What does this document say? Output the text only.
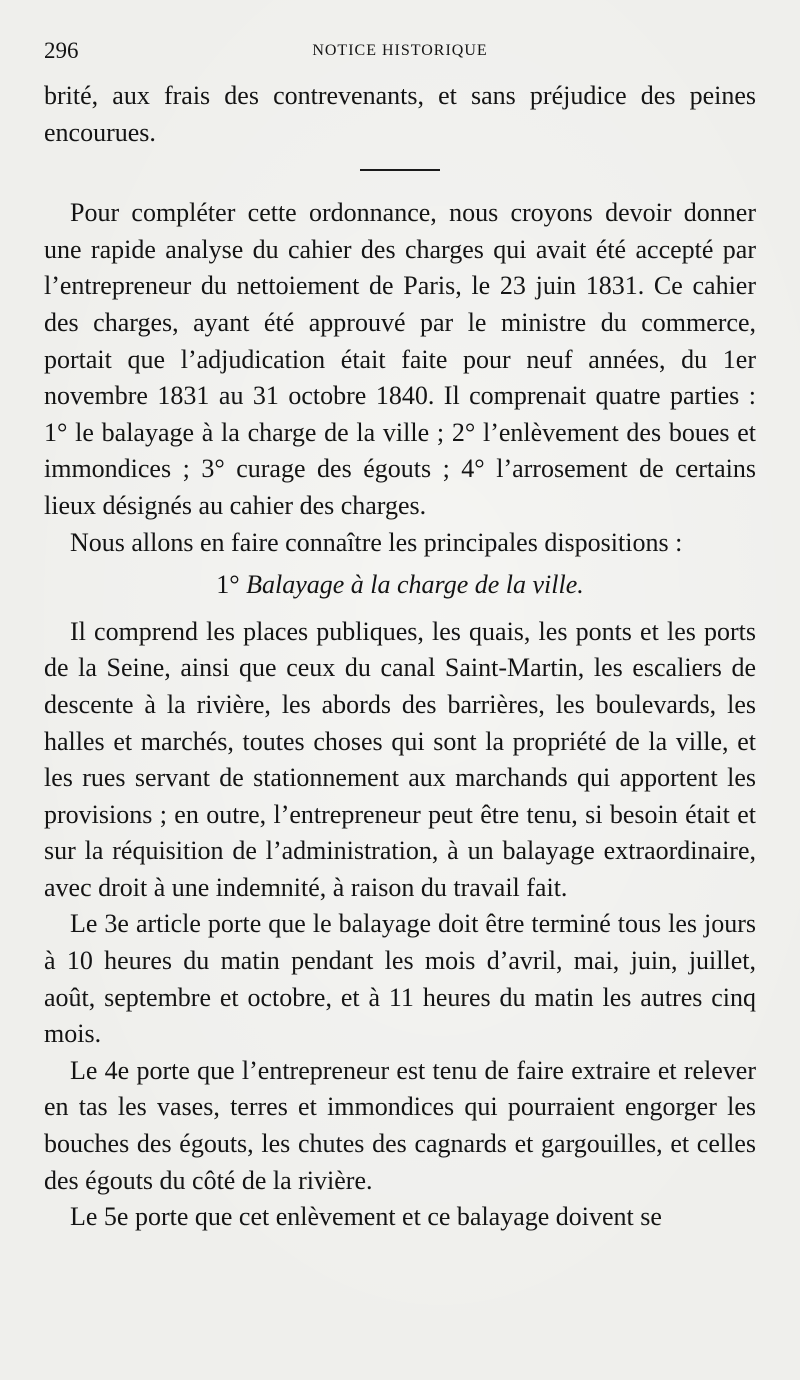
296	NOTICE HISTORIQUE

brité, aux frais des contrevenants, et sans préjudice des peines encourues.

Pour compléter cette ordonnance, nous croyons devoir donner une rapide analyse du cahier des charges qui avait été accepté par l’entrepreneur du nettoiement de Paris, le 23 juin 1831. Ce cahier des charges, ayant été approuvé par le ministre du commerce, portait que l’adjudication était faite pour neuf années, du 1er novembre 1831 au 31 octobre 1840. Il comprenait quatre parties : 1° le balayage à la charge de la ville ; 2° l’enlèvement des boues et immondices ; 3° curage des égouts ; 4° l’arrosement de certains lieux désignés au cahier des charges.

Nous allons en faire connaître les principales dispositions :

1° Balayage à la charge de la ville.

Il comprend les places publiques, les quais, les ponts et les ports de la Seine, ainsi que ceux du canal Saint-Martin, les escaliers de descente à la rivière, les abords des barrières, les boulevards, les halles et marchés, toutes choses qui sont la propriété de la ville, et les rues servant de stationnement aux marchands qui apportent les provisions ; en outre, l’entrepreneur peut être tenu, si besoin était et sur la réquisition de l’administration, à un balayage extraordinaire, avec droit à une indemnité, à raison du travail fait.

Le 3e article porte que le balayage doit être terminé tous les jours à 10 heures du matin pendant les mois d’avril, mai, juin, juillet, août, septembre et octobre, et à 11 heures du matin les autres cinq mois.

Le 4e porte que l’entrepreneur est tenu de faire extraire et relever en tas les vases, terres et immondices qui pourraient engorger les bouches des égouts, les chutes des cagnards et gargouilles, et celles des égouts du côté de la rivière.

Le 5e porte que cet enlèvement et ce balayage doivent se
